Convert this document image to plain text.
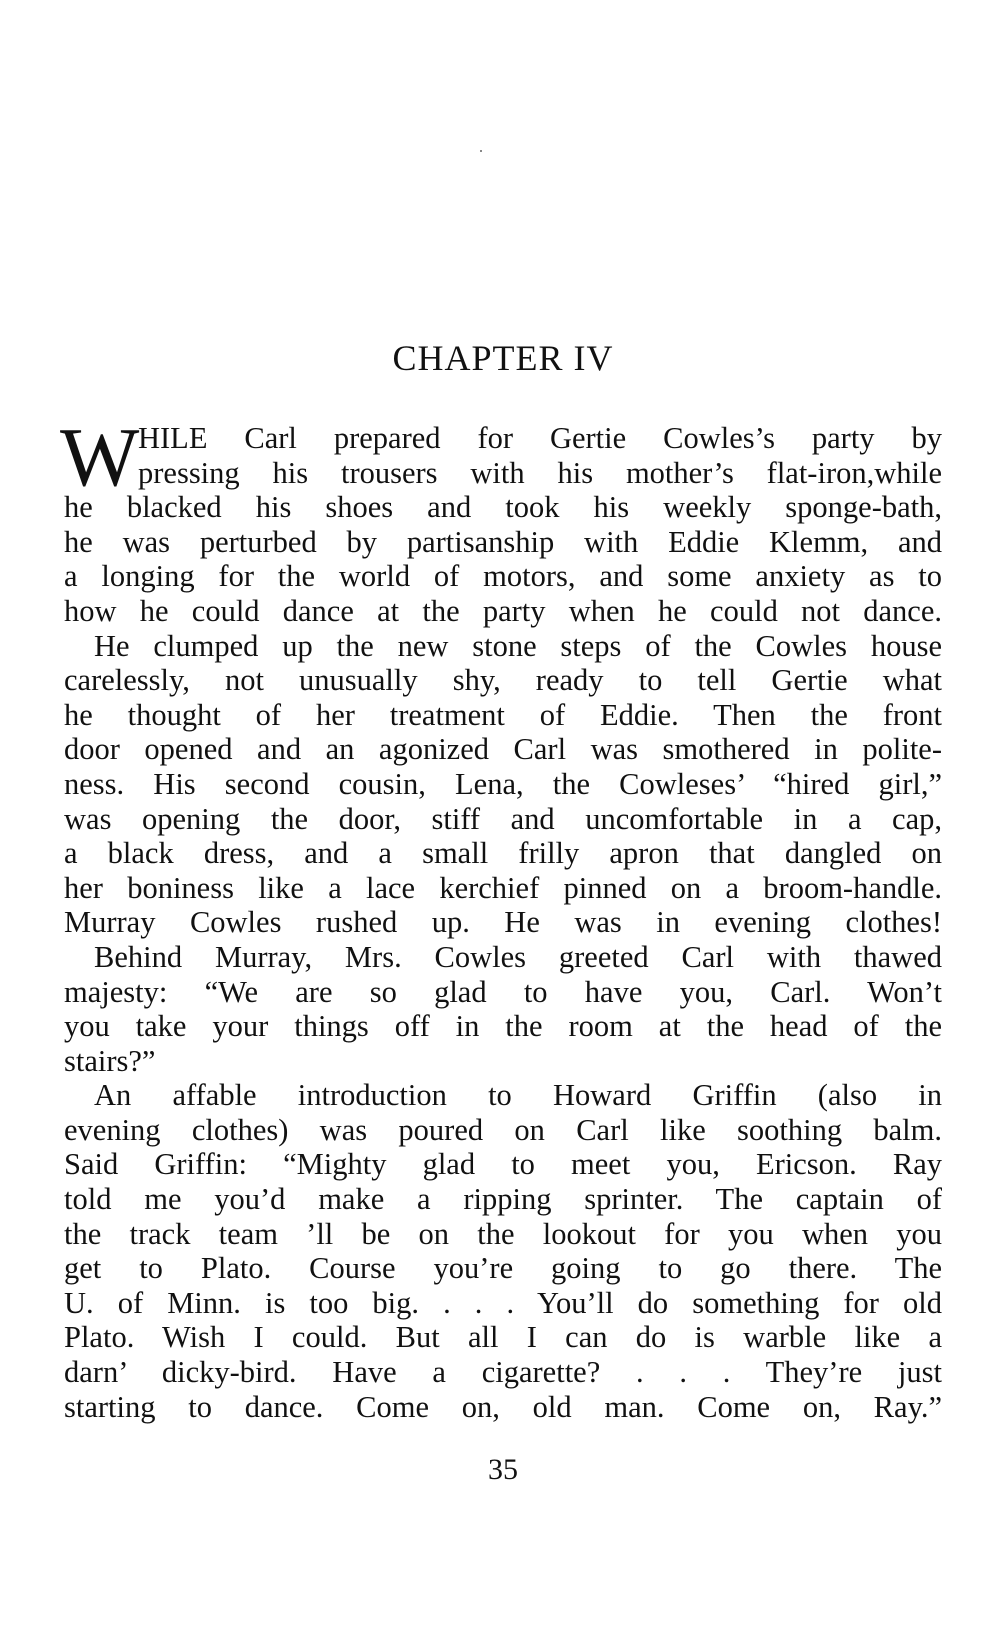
CHAPTER IV
W
HILE Carl prepared for Gertie Cowles’s party by
pressing his trousers with his mother’s flat-iron,while
he blacked his shoes and took his weekly sponge-bath,
he was perturbed by partisanship with Eddie Klemm, and
a longing for the world of motors, and some anxiety as to
how he could dance at the party when he could not dance.
He clumped up the new stone steps of the Cowles house
carelessly, not unusually shy, ready to tell Gertie what
he thought of her treatment of Eddie. Then the front
door opened and an agonized Carl was smothered in polite-
ness. His second cousin, Lena, the Cowleses’ “hired girl,”
was opening the door, stiff and uncomfortable in a cap,
a black dress, and a small frilly apron that dangled on
her boniness like a lace kerchief pinned on a broom-handle.
Murray Cowles rushed up. He was in evening clothes!
Behind Murray, Mrs. Cowles greeted Carl with thawed
majesty: “We are so glad to have you, Carl. Won’t
you take your things off in the room at the head of the
stairs?”
An affable introduction to Howard Griffin (also in
evening clothes) was poured on Carl like soothing balm.
Said Griffin: “Mighty glad to meet you, Ericson. Ray
told me you’d make a ripping sprinter. The captain of
the track team ’ll be on the lookout for you when you
get to Plato. Course you’re going to go there. The
U. of Minn. is too big. . . . You’ll do something for old
Plato. Wish I could. But all I can do is warble like a
darn’ dicky-bird. Have a cigarette? . . . They’re just
starting to dance. Come on, old man. Come on, Ray.”
35
